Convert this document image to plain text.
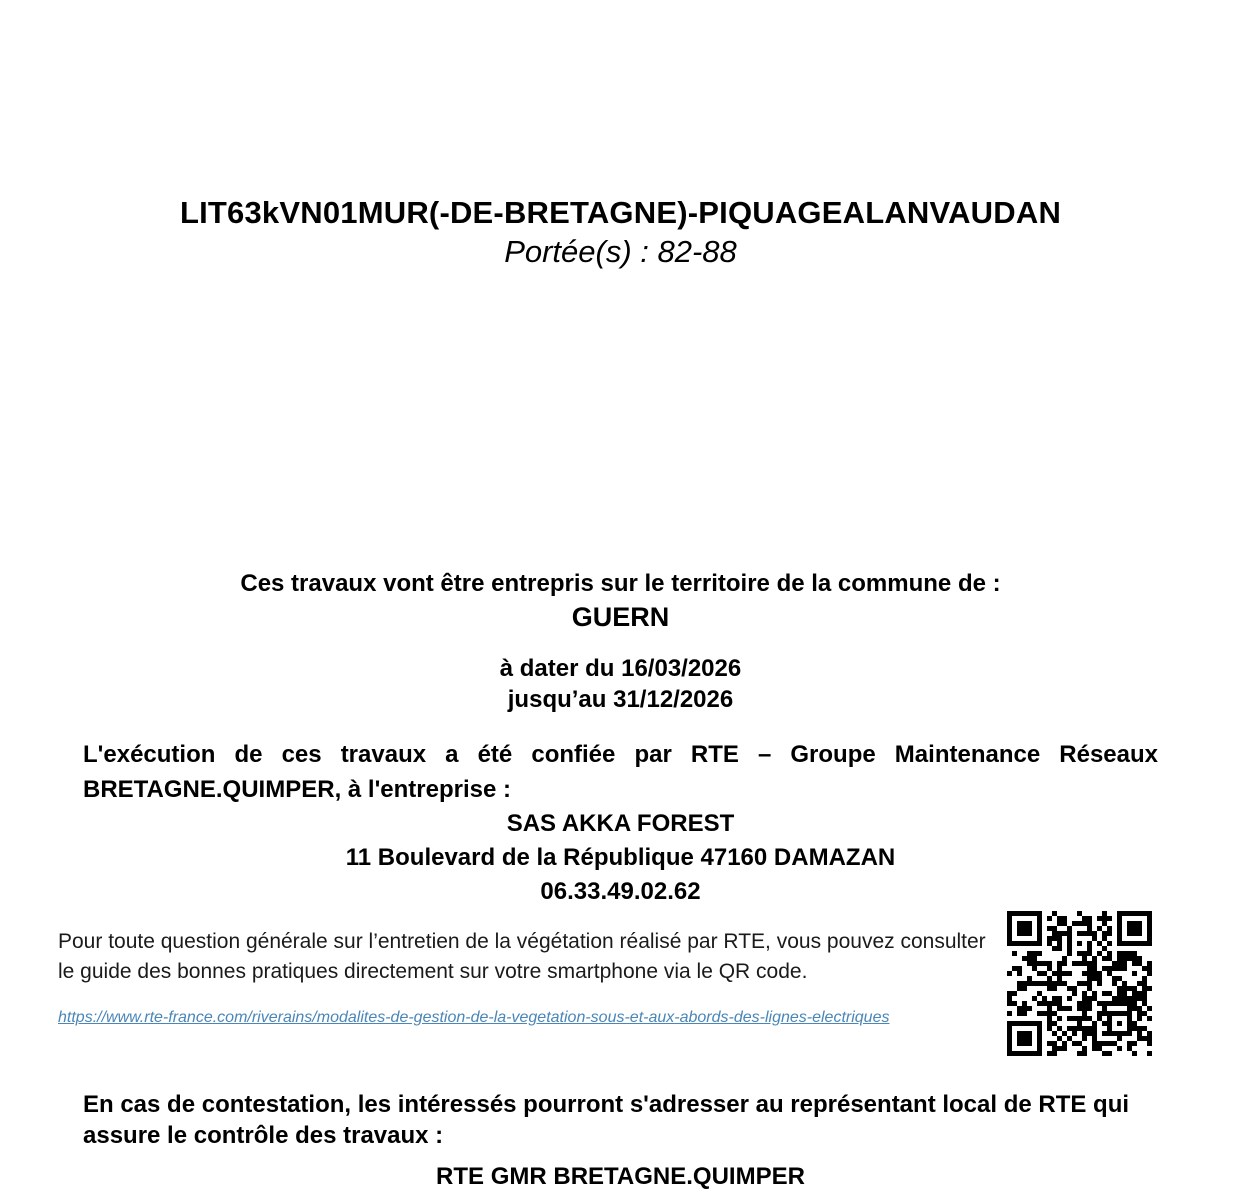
LIT63kVN01MUR(-DE-BRETAGNE)-PIQUAGEALANVAUDAN
Portée(s) : 82-88
Ces travaux vont être entrepris sur le territoire de la commune de :
GUERN
à dater du 16/03/2026
jusqu’au 31/12/2026
L'exécution de ces travaux a été confiée par RTE – Groupe Maintenance Réseaux BRETAGNE.QUIMPER, à l'entreprise :
SAS AKKA FOREST
11 Boulevard de la République 47160 DAMAZAN
06.33.49.02.62
Pour toute question générale sur l’entretien de la végétation réalisé par RTE, vous pouvez consulter le guide des bonnes pratiques directement sur votre smartphone via le QR code.
https://www.rte-france.com/riverains/modalites-de-gestion-de-la-vegetation-sous-et-aux-abords-des-lignes-electriques
En cas de contestation, les intéressés pourront s'adresser au représentant local de RTE qui assure le contrôle des travaux :
RTE GMR BRETAGNE.QUIMPER
